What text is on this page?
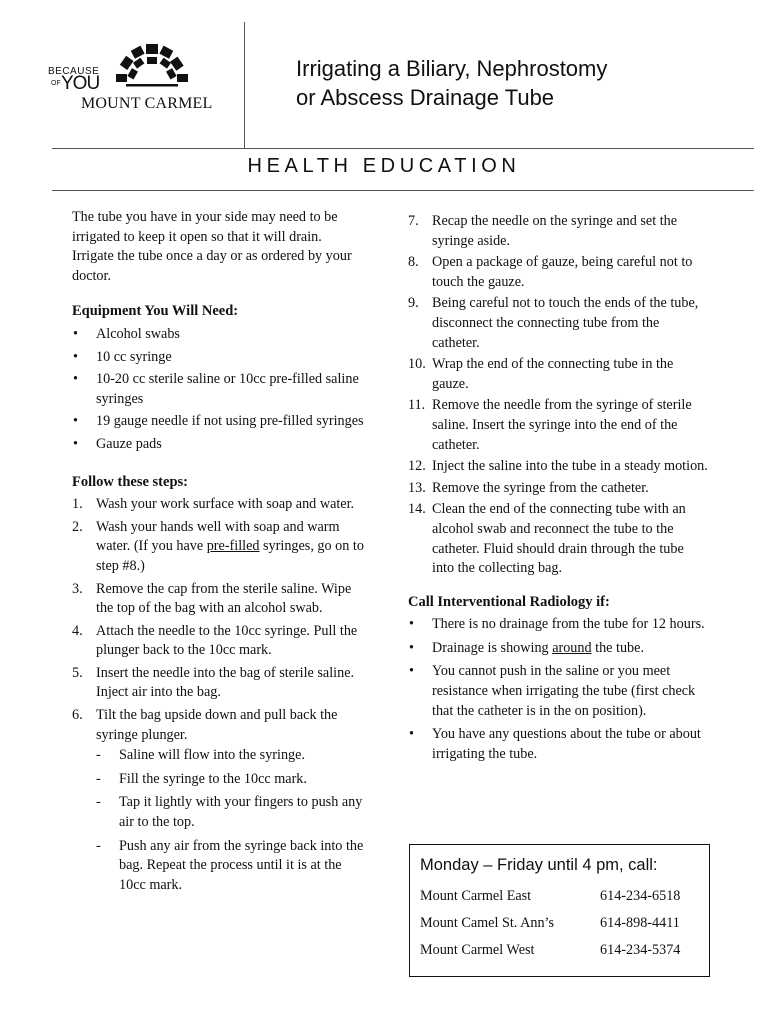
BECAUSE
OF YOU
MOUNT CARMEL
Irrigating a Biliary, Nephrostomy
or Abscess Drainage Tube
HEALTH EDUCATION

The tube you have in your side may need to be irrigated to keep it open so that it will drain. Irrigate the tube once a day or as ordered by your doctor.

Equipment You Will Need:
• Alcohol swabs
• 10 cc syringe
• 10-20 cc sterile saline or 10cc pre-filled saline syringes
• 19 gauge needle if not using pre-filled syringes
• Gauze pads
Follow these steps:
1. Wash your work surface with soap and water.
2. Wash your hands well with soap and warm water. (If you have pre-filled syringes, go on to step #8.)
3. Remove the cap from the sterile saline. Wipe the top of the bag with an alcohol swab.
4. Attach the needle to the 10cc syringe. Pull the plunger back to the 10cc mark.
5. Insert the needle into the bag of sterile saline. Inject air into the bag.
6. Tilt the bag upside down and pull back the syringe plunger.
- Saline will flow into the syringe.
- Fill the syringe to the 10cc mark.
- Tap it lightly with your fingers to push any air to the top.
- Push any air from the syringe back into the bag. Repeat the process until it is at the 10cc mark.
7. Recap the needle on the syringe and set the syringe aside.
8. Open a package of gauze, being careful not to touch the gauze.
9. Being careful not to touch the ends of the tube, disconnect the connecting tube from the catheter.
10. Wrap the end of the connecting tube in the gauze.
11. Remove the needle from the syringe of sterile saline. Insert the syringe into the end of the catheter.
12. Inject the saline into the tube in a steady motion.
13. Remove the syringe from the catheter.
14. Clean the end of the connecting tube with an alcohol swab and reconnect the tube to the catheter. Fluid should drain through the tube into the collecting bag.
Call Interventional Radiology if:
• There is no drainage from the tube for 12 hours.
• Drainage is showing around the tube.
• You cannot push in the saline or you meet resistance when irrigating the tube (first check that the catheter is in the on position).
• You have any questions about the tube or about irrigating the tube.
Monday – Friday until 4 pm, call:
Mount Carmel East	614-234-6518
Mount Camel St. Ann’s	614-898-4411
Mount Carmel West	614-234-5374
